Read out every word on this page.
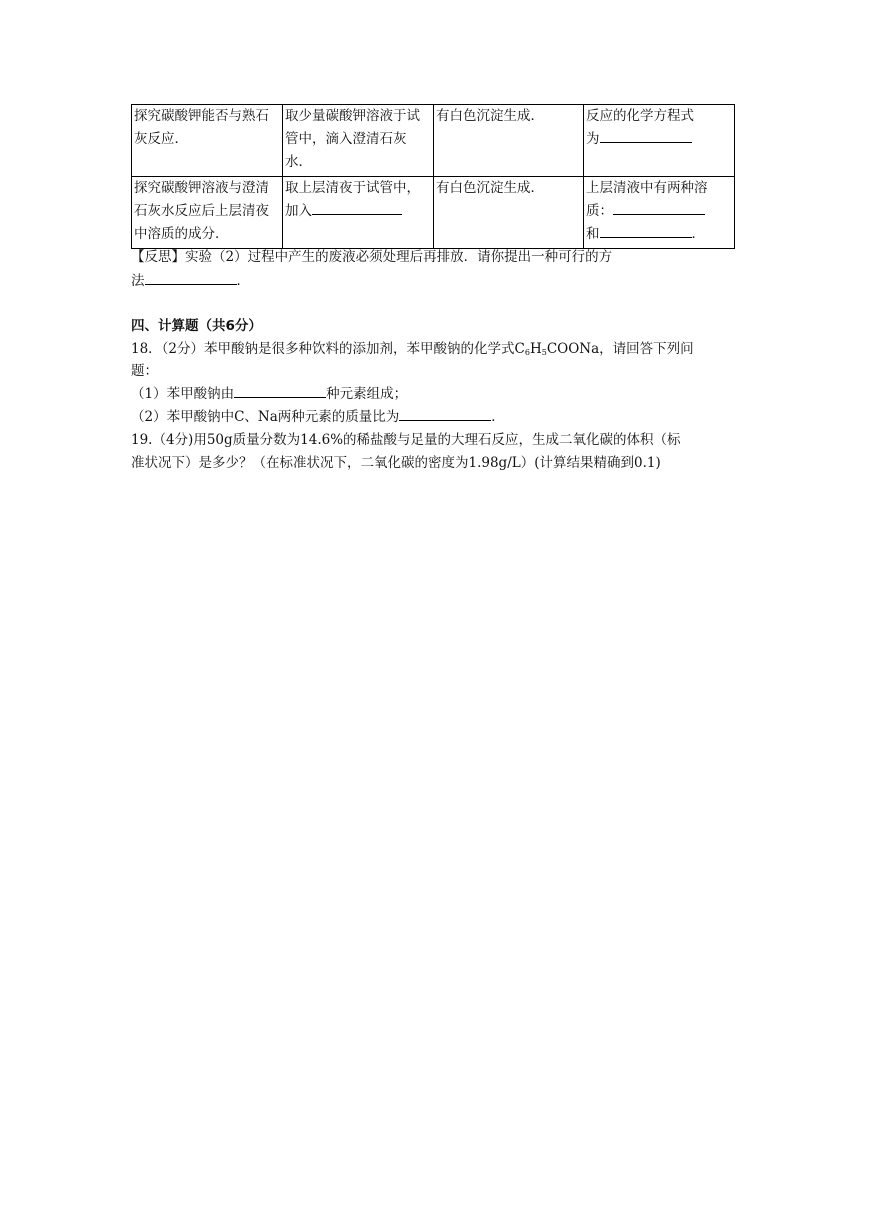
探究碳酸钾能否与熟石灰反应．	取少量碳酸钾溶液于试管中，滴入澄清石灰水．	有白色沉淀生成．	反应的化学方程式
为
探究碳酸钾溶液与澄清石灰水反应后上层清夜中溶质的成分．	取上层清夜于试管中，加入	有白色沉淀生成．	上层清液中有两种溶
质：
和 ．
【反思】实验（2）过程中产生的废液必须处理后再排放．请你提出一种可行的方
法	．
四、计算题（共6分）
18．（2分）苯甲酸钠是很多种饮料的添加剂，苯甲酸钠的化学式$C_6H_5COONa$，请回答下列问
题：
（1）苯甲酸钠由	种元素组成；
（2）苯甲酸钠中C、Na两种元素的质量比为	．
19.（4分)用50g质量分数为14.6%的稀盐酸与足量的大理石反应，生成二氧化碳的体积（标
准状况下）是多少？（在标准状况下，二氧化碳的密度为1.98g/L）(计算结果精确到0.1)
